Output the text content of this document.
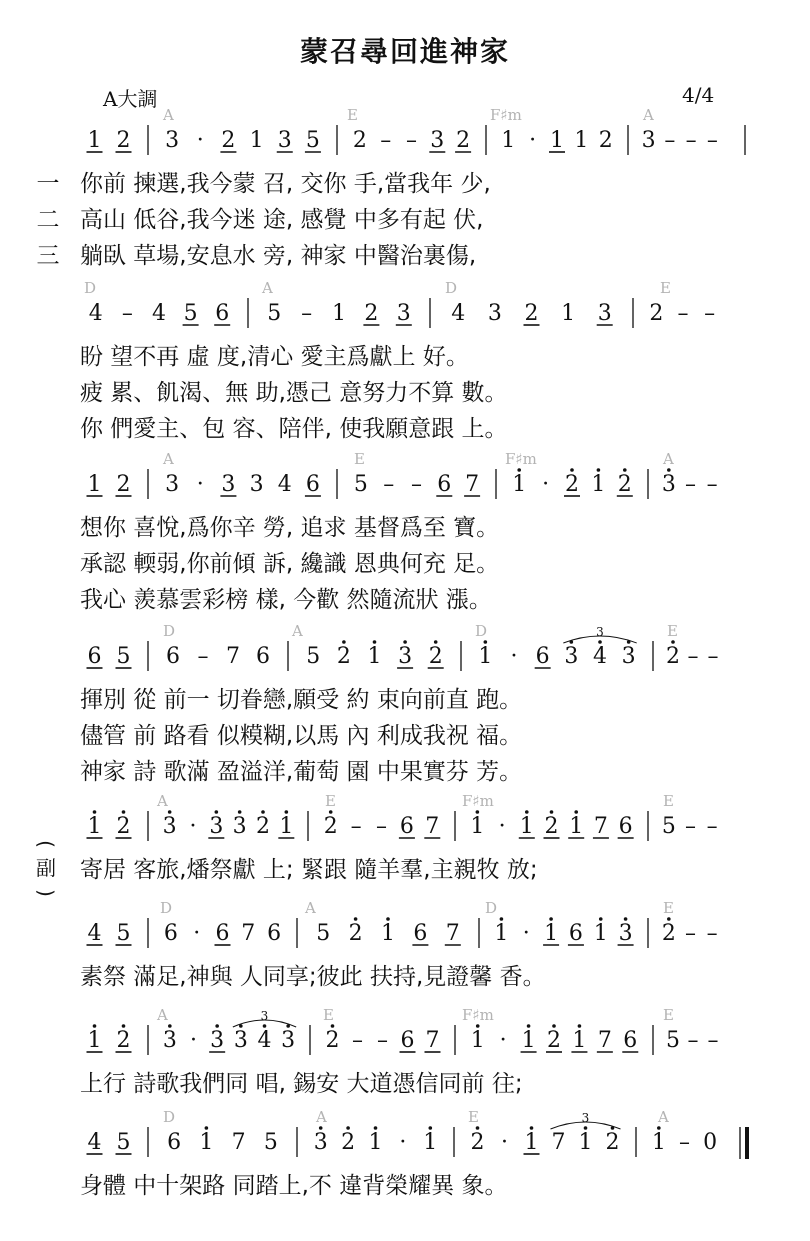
蒙召尋回進神家
A大調	4/4
A	E	F♯m	A
1 2 3 · 2 1 3 5 2 – – 3 2 1 · 1 1 2 3 – – –
一 你前 揀選,我今蒙 召, 交你 手,當我年 少,
二 高山 低谷,我今迷 途, 感覺 中多有起 伏,
三 躺臥 草場,安息水 旁, 神家 中醫治裏傷,
D	A	D	E
4 – 4 5 6 5 – 1 2 3 4 3 2 1 3 2 – –
盼 望不再 虛 度,清心 愛主爲獻上 好。
疲 累、飢渴、無 助,憑己 意努力不算 數。
你 們愛主、包 容、陪伴, 使我願意跟 上。
A	E	F♯m	A
1 2 3 · 3 3 4 6 5 – – 6 7 1 · 2 1 2 3 – –
想你 喜悅,爲你辛 勞, 追求 基督爲至 寶。
承認 輭弱,你前傾 訴, 纔識 恩典何充 足。
我心 羨慕雲彩榜 樣, 今歡 然隨流狀 漲。
D	A	D	E
6 5 6 – 7 6 5 2 1 3 2 1 · 6 3 4 3
3
2 – –
揮別 從 前一 切眷戀,願受 約 束向前直 跑。
儘管 前 路看 似糢糊,以馬 內 利成我祝 福。
神家 詩 歌滿 盈溢洋,葡萄 園 中果實芬 芳。
A	E	F♯m	E
1 2 3 · 3 3 2 1 2 – – 6 7 1 · 1 2 1 7 6 5 – –
寄居 客旅,燔祭獻 上; 緊跟 隨羊羣,主親牧 放;
D	A	D	E
4 5 6 · 6 7 6 5 2 1 6 7 1 · 1 6 1 3 2 – –
素祭 滿足,神與 人同享;彼此 扶持,見證馨 香。
A	E	F♯m	E
1 2 3 · 3 3 4 3
3
2 – – 6 7 1 · 1 2 1 7 6 5 – –
上行 詩歌我們同 唱, 錫安 大道憑信同前 往;
D	A	E	A
4 5 6 1 7 5 3 2 1 · 1 2 · 1 7 1 2
3
1 – 0
身體 中十架路 同踏上,不 違背榮耀異 象。
(
副
)
